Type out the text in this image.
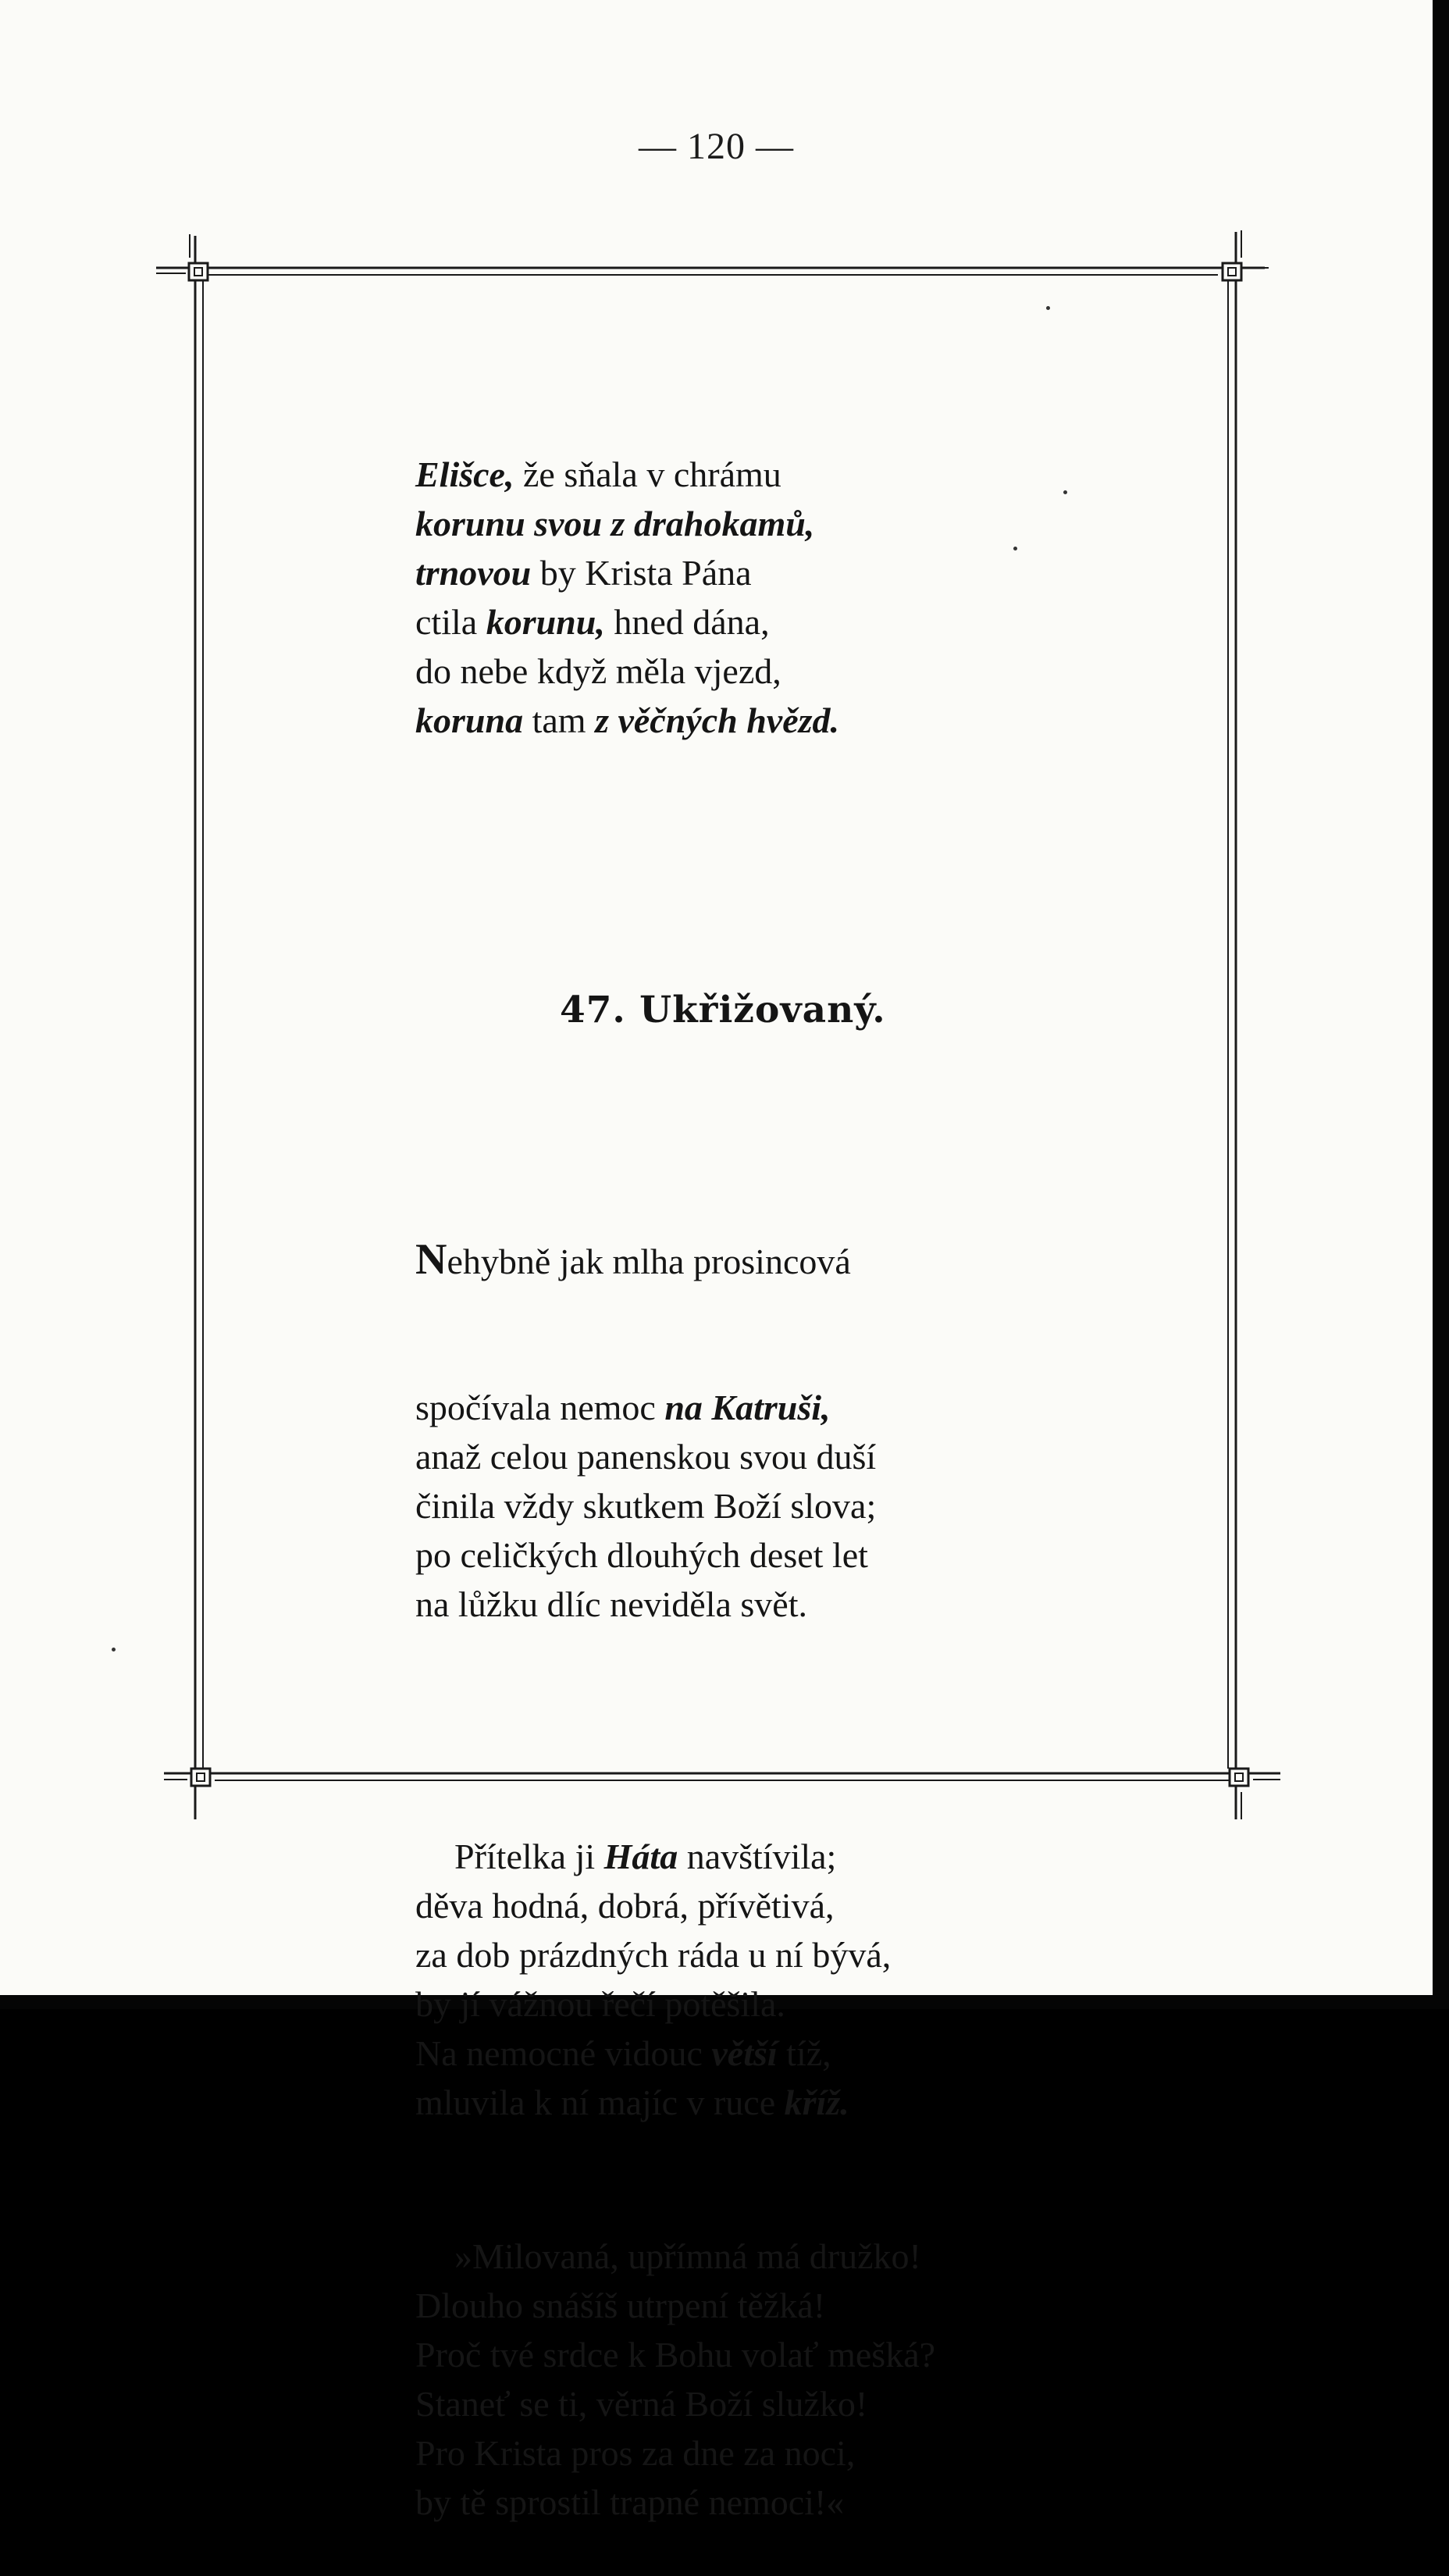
— 120 —

Elišce, že sňala v chrámu
korunu svou z drahokamů,
trnovou by Krista Pána
ctila korunu, hned dána,
do nebe když měla vjezd,
koruna tam z věčných hvězd.

47. Ukřižovaný.

Nehybně jak mlha prosincová

spočívala nemoc na Katruši,
anaž celou panenskou svou duší
činila vždy skutkem Boží slova;
po celičkých dlouhých deset let
na lůžku dlíc neviděla svět.

Přítelka ji Háta navštívila;
děva hodná, dobrá, přívětivá,
za dob prázdných ráda u ní bývá,
by jí vážnou řečí potěšila.
Na nemocné vidouc větší tíž,
mluvila k ní majíc v ruce kříž.

»Milovaná, upřímná má družko!
Dlouho snášíš utrpení těžká!
Proč tvé srdce k Bohu volať mešká?
Staneť se ti, věrná Boží služko!
Pro Krista pros za dne za noci,
by tě sprostil trapné nemoci!«
